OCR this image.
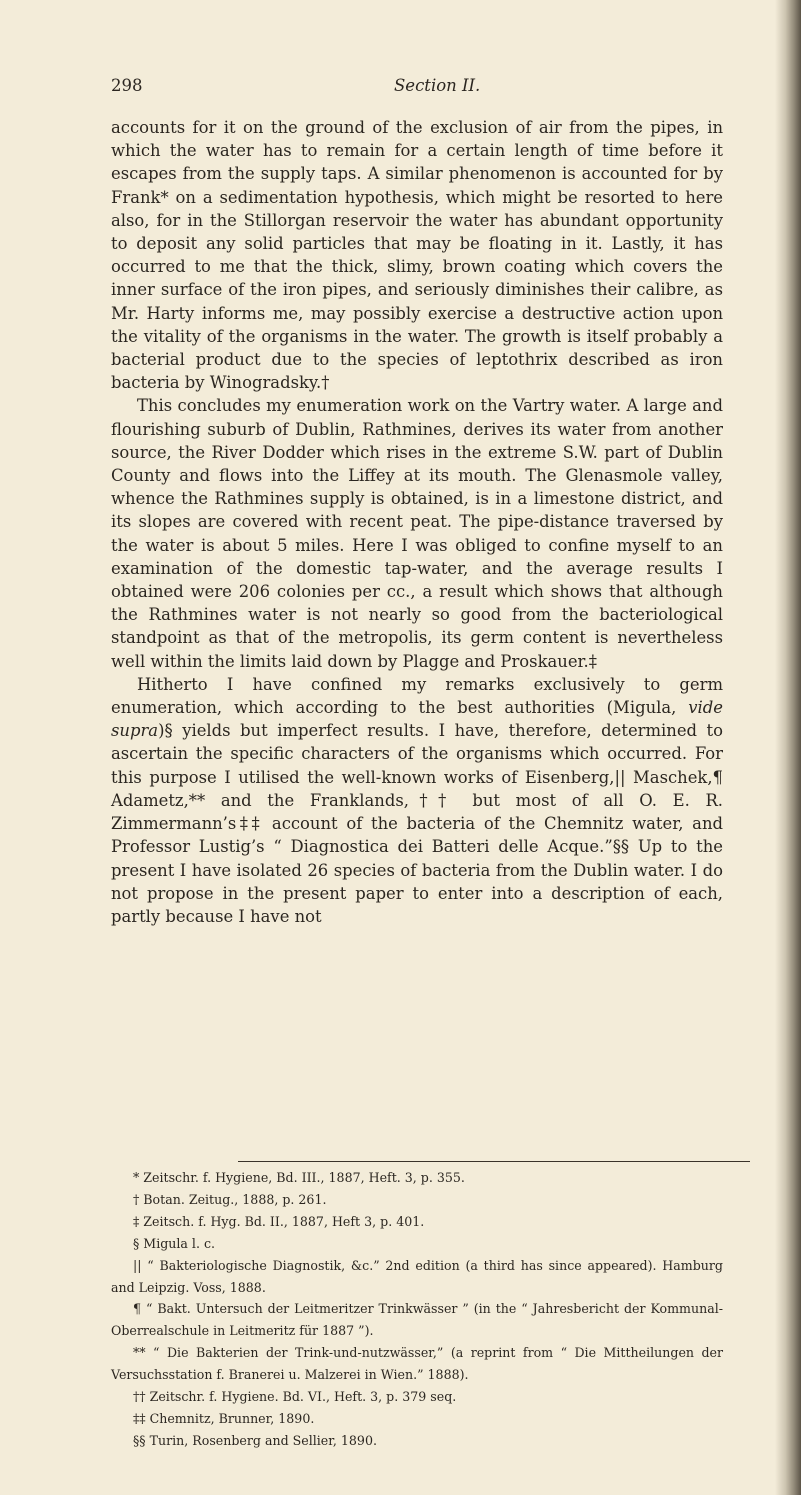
298	Section II.

accounts for it on the ground of the exclusion of air from the pipes, in which the water has to remain for a certain length of time before it escapes from the supply taps. A similar phenomenon is accounted for by Frank* on a sedimentation hypothesis, which might be resorted to here also, for in the Stillorgan reservoir the water has abundant opportunity to deposit any solid particles that may be floating in it. Lastly, it has occurred to me that the thick, slimy, brown coating which covers the inner surface of the iron pipes, and seriously diminishes their calibre, as Mr. Harty informs me, may possibly exercise a destructive action upon the vitality of the organisms in the water. The growth is itself probably a bacterial product due to the species of leptothrix described as iron bacteria by Winogradsky.†

This concludes my enumeration work on the Vartry water. A large and flourishing suburb of Dublin, Rathmines, derives its water from another source, the River Dodder which rises in the extreme S.W. part of Dublin County and flows into the Liffey at its mouth. The Glenasmole valley, whence the Rathmines supply is obtained, is in a limestone district, and its slopes are covered with recent peat. The pipe-distance traversed by the water is about 5 miles. Here I was obliged to confine myself to an examination of the domestic tap-water, and the average results I obtained were 206 colonies per cc., a result which shows that although the Rathmines water is not nearly so good from the bacteriological standpoint as that of the metropolis, its germ content is nevertheless well within the limits laid down by Plagge and Proskauer.‡

Hitherto I have confined my remarks exclusively to germ enumeration, which according to the best authorities (Migula, vide supra)§ yields but imperfect results. I have, therefore, determined to ascertain the specific characters of the organisms which occurred. For this purpose I utilised the well-known works of Eisenberg,|| Maschek,¶ Adametz,** and the Franklands,†† but most of all O. E. R. Zimmermann’s‡‡ account of the bacteria of the Chemnitz water, and Professor Lustig’s “ Diagnostica dei Batteri delle Acque.”§§ Up to the present I have isolated 26 species of bacteria from the Dublin water. I do not propose in the present paper to enter into a description of each, partly because I have not

* Zeitschr. f. Hygiene, Bd. III., 1887, Heft. 3, p. 355.

† Botan. Zeitug., 1888, p. 261.

‡ Zeitsch. f. Hyg. Bd. II., 1887, Heft 3, p. 401.

§ Migula l. c.

|| “ Bakteriologische Diagnostik, &c.” 2nd edition (a third has since appeared). Hamburg and Leipzig. Voss, 1888.

¶ “ Bakt. Untersuch der Leitmeritzer Trinkwässer ” (in the “ Jahresbericht der Kommunal-Oberrealschule in Leitmeritz für 1887 ”).

** “ Die Bakterien der Trink-und-nutzwässer,” (a reprint from “ Die Mittheilungen der Versuchsstation f. Branerei u. Malzerei in Wien.” 1888).

†† Zeitschr. f. Hygiene. Bd. VI., Heft. 3, p. 379 seq.

‡‡ Chemnitz, Brunner, 1890.

§§ Turin, Rosenberg and Sellier, 1890.
